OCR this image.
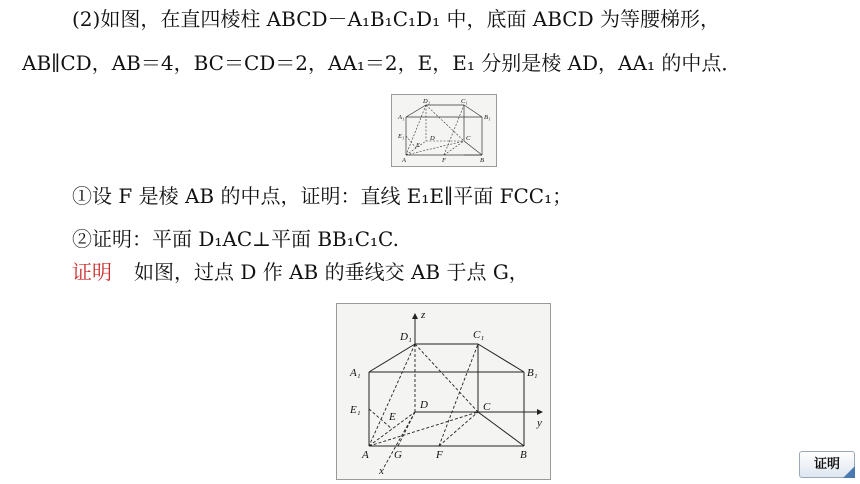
(2)如图，在直四棱柱 ABCD－A₁B₁C₁D₁ 中，底面 ABCD 为等腰梯形，
AB∥CD，AB＝4，BC＝CD＝2，AA₁＝2，E，E₁ 分别是棱 AD，AA₁ 的中点．
D₁	C₁
A₁	B₁
E₁
E
D	C
A	F	B
①设 F 是棱 AB 的中点，证明：直线 E₁E∥平面 FCC₁；
②证明：平面 D₁AC⊥平面 BB₁C₁C.
证明 如图，过点 D 作 AB 的垂线交 AB 于点 G，
z
y
x
D₁	C₁
A₁	B₁
E₁
E
D	C
A G	F	B
证明
